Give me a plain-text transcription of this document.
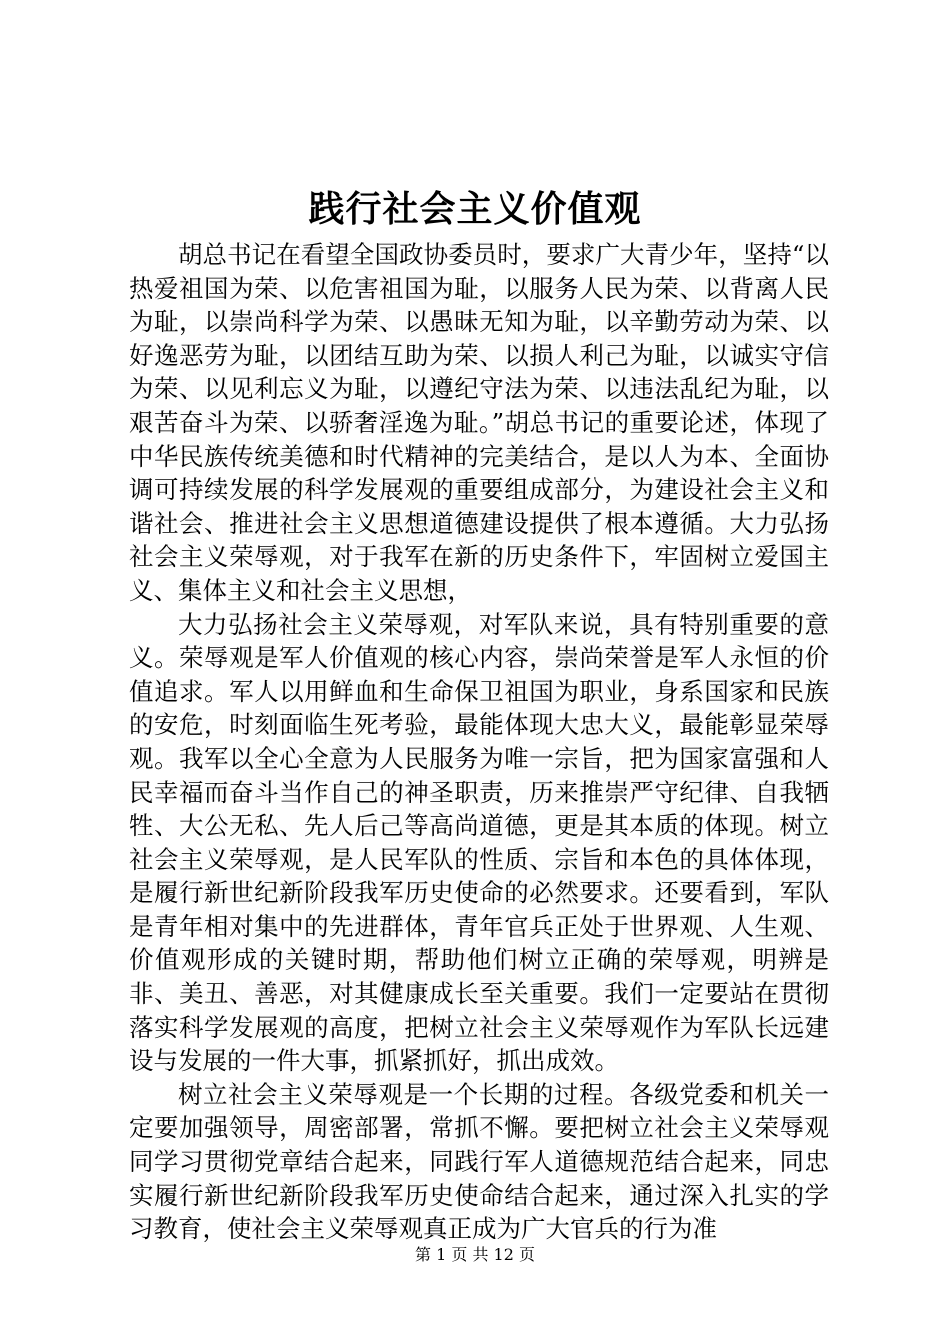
践行社会主义价值观

胡总书记在看望全国政协委员时，要求广大青少年，坚持“以热爱祖国为荣、以危害祖国为耻，以服务人民为荣、以背离人民为耻，以崇尚科学为荣、以愚昧无知为耻，以辛勤劳动为荣、以好逸恶劳为耻，以团结互助为荣、以损人利己为耻，以诚实守信为荣、以见利忘义为耻，以遵纪守法为荣、以违法乱纪为耻，以艰苦奋斗为荣、以骄奢淫逸为耻。”胡总书记的重要论述，体现了中华民族传统美德和时代精神的完美结合，是以人为本、全面协调可持续发展的科学发展观的重要组成部分，为建设社会主义和谐社会、推进社会主义思想道德建设提供了根本遵循。大力弘扬社会主义荣辱观，对于我军在新的历史条件下，牢固树立爱国主义、集体主义和社会主义思想，

大力弘扬社会主义荣辱观，对军队来说，具有特别重要的意义。荣辱观是军人价值观的核心内容，崇尚荣誉是军人永恒的价值追求。军人以用鲜血和生命保卫祖国为职业，身系国家和民族的安危，时刻面临生死考验，最能体现大忠大义，最能彰显荣辱观。我军以全心全意为人民服务为唯一宗旨，把为国家富强和人民幸福而奋斗当作自己的神圣职责，历来推崇严守纪律、自我牺牲、大公无私、先人后己等高尚道德，更是其本质的体现。树立社会主义荣辱观，是人民军队的性质、宗旨和本色的具体体现，是履行新世纪新阶段我军历史使命的必然要求。还要看到，军队是青年相对集中的先进群体，青年官兵正处于世界观、人生观、价值观形成的关键时期，帮助他们树立正确的荣辱观，明辨是非、美丑、善恶，对其健康成长至关重要。我们一定要站在贯彻落实科学发展观的高度，把树立社会主义荣辱观作为军队长远建设与发展的一件大事，抓紧抓好，抓出成效。

树立社会主义荣辱观是一个长期的过程。各级党委和机关一定要加强领导，周密部署，常抓不懈。要把树立社会主义荣辱观同学习贯彻党章结合起来，同践行军人道德规范结合起来，同忠实履行新世纪新阶段我军历史使命结合起来，通过深入扎实的学习教育，使社会主义荣辱观真正成为广大官兵的行为准

第 1 页 共 12 页
